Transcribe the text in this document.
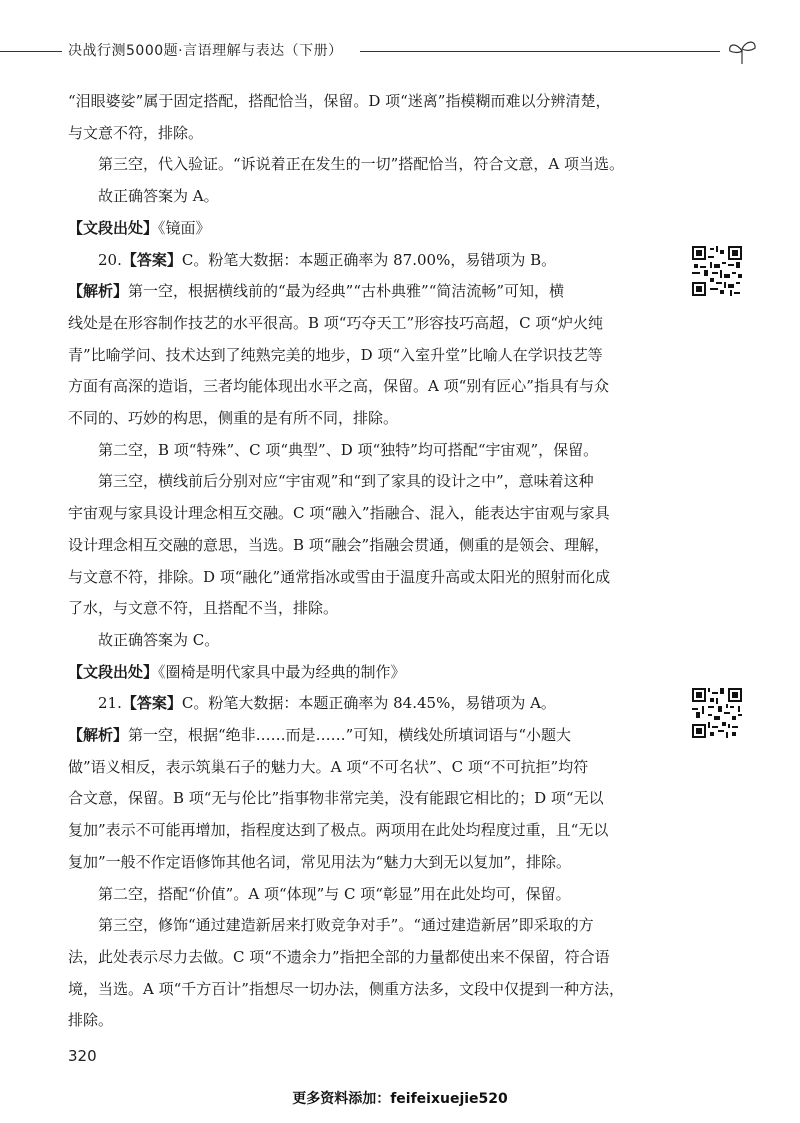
决战行测5000题·言语理解与表达（下册）

“泪眼婆娑”属于固定搭配，搭配恰当，保留。D 项“迷离”指模糊而难以分辨清楚，

与文意不符，排除。

第三空，代入验证。“诉说着正在发生的一切”搭配恰当，符合文意，A 项当选。

故正确答案为 A。

【文段出处】《镜面》

20.【答案】C。粉笔大数据：本题正确率为 87.00%，易错项为 B。

【解析】第一空，根据横线前的“最为经典”“古朴典雅”“简洁流畅”可知，横

线处是在形容制作技艺的水平很高。B 项“巧夺天工”形容技巧高超，C 项“炉火纯

青”比喻学问、技术达到了纯熟完美的地步，D 项“入室升堂”比喻人在学识技艺等

方面有高深的造诣，三者均能体现出水平之高，保留。A 项“别有匠心”指具有与众

不同的、巧妙的构思，侧重的是有所不同，排除。

第二空，B 项“特殊”、C 项“典型”、D 项“独特”均可搭配“宇宙观”，保留。

第三空，横线前后分别对应“宇宙观”和“到了家具的设计之中”，意味着这种

宇宙观与家具设计理念相互交融。C 项“融入”指融合、混入，能表达宇宙观与家具

设计理念相互交融的意思，当选。B 项“融会”指融会贯通，侧重的是领会、理解，

与文意不符，排除。D 项“融化”通常指冰或雪由于温度升高或太阳光的照射而化成

了水，与文意不符，且搭配不当，排除。

故正确答案为 C。

【文段出处】《圈椅是明代家具中最为经典的制作》

21.【答案】C。粉笔大数据：本题正确率为 84.45%，易错项为 A。

【解析】第一空，根据“绝非……而是……”可知，横线处所填词语与“小题大

做”语义相反，表示筑巢石子的魅力大。A 项“不可名状”、C 项“不可抗拒”均符

合文意，保留。B 项“无与伦比”指事物非常完美，没有能跟它相比的；D 项“无以

复加”表示不可能再增加，指程度达到了极点。两项用在此处均程度过重，且“无以

复加”一般不作定语修饰其他名词，常见用法为“魅力大到无以复加”，排除。

第二空，搭配“价值”。A 项“体现”与 C 项“彰显”用在此处均可，保留。

第三空，修饰“通过建造新居来打败竞争对手”。“通过建造新居”即采取的方

法，此处表示尽力去做。C 项“不遗余力”指把全部的力量都使出来不保留，符合语

境，当选。A 项“千方百计”指想尽一切办法，侧重方法多，文段中仅提到一种方法，

排除。

320
更多资料添加：feifeixuejie520
